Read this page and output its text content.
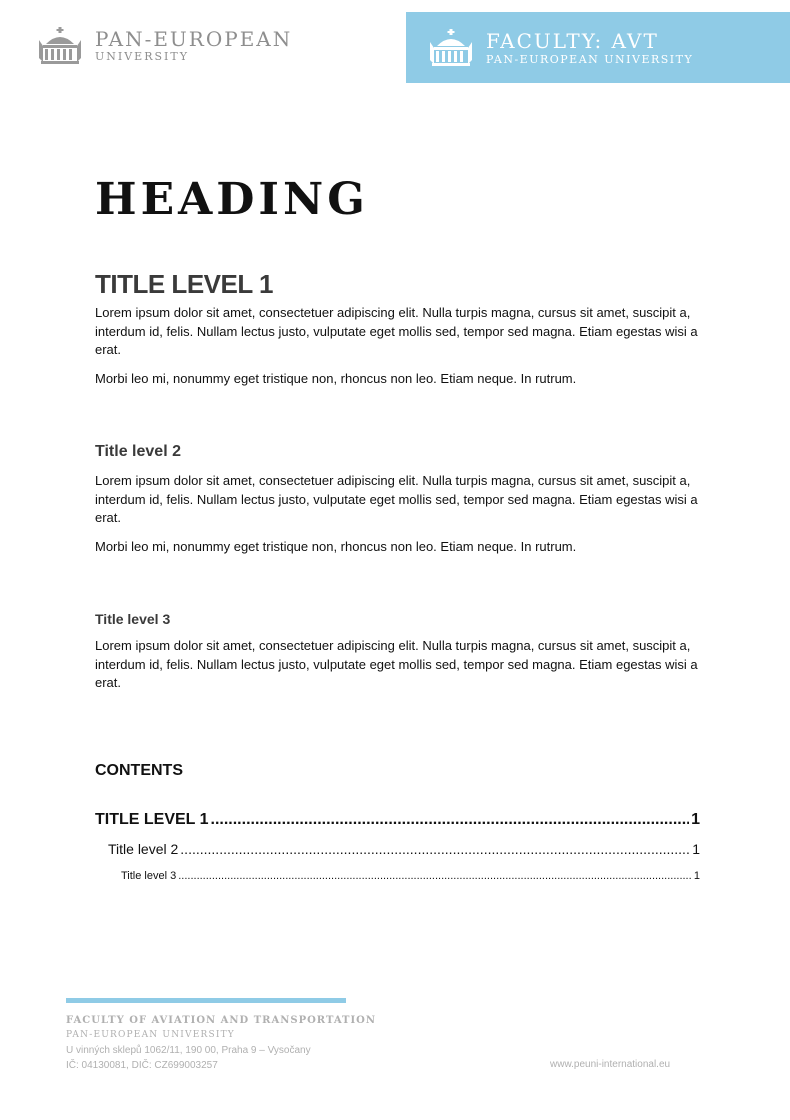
PAN-EUROPEAN
UNIVERSITY
FACULTY: AVT
PAN-EUROPEAN UNIVERSITY
HEADING
TITLE LEVEL 1

Lorem ipsum dolor sit amet, consectetuer adipiscing elit. Nulla turpis magna, cursus sit amet, suscipit a, interdum id, felis. Nullam lectus justo, vulputate eget mollis sed, tempor sed magna. Etiam egestas wisi a erat.

Morbi leo mi, nonummy eget tristique non, rhoncus non leo. Etiam neque. In rutrum.

Title level 2

Lorem ipsum dolor sit amet, consectetuer adipiscing elit. Nulla turpis magna, cursus sit amet, suscipit a, interdum id, felis. Nullam lectus justo, vulputate eget mollis sed, tempor sed magna. Etiam egestas wisi a erat.

Morbi leo mi, nonummy eget tristique non, rhoncus non leo. Etiam neque. In rutrum.

Title level 3

Lorem ipsum dolor sit amet, consectetuer adipiscing elit. Nulla turpis magna, cursus sit amet, suscipit a, interdum id, felis. Nullam lectus justo, vulputate eget mollis sed, tempor sed magna. Etiam egestas wisi a erat.

CONTENTS
TITLE LEVEL 1 .....	1
Title level 2 .....	1
Title level 3 .....	1
FACULTY OF AVIATION AND TRANSPORTATION
PAN-EUROPEAN UNIVERSITY
U vinných sklepů 1062/11, 190 00, Praha 9 – Vysočany
IČ: 04130081, DIČ: CZ699003257	www.peuni-international.eu
